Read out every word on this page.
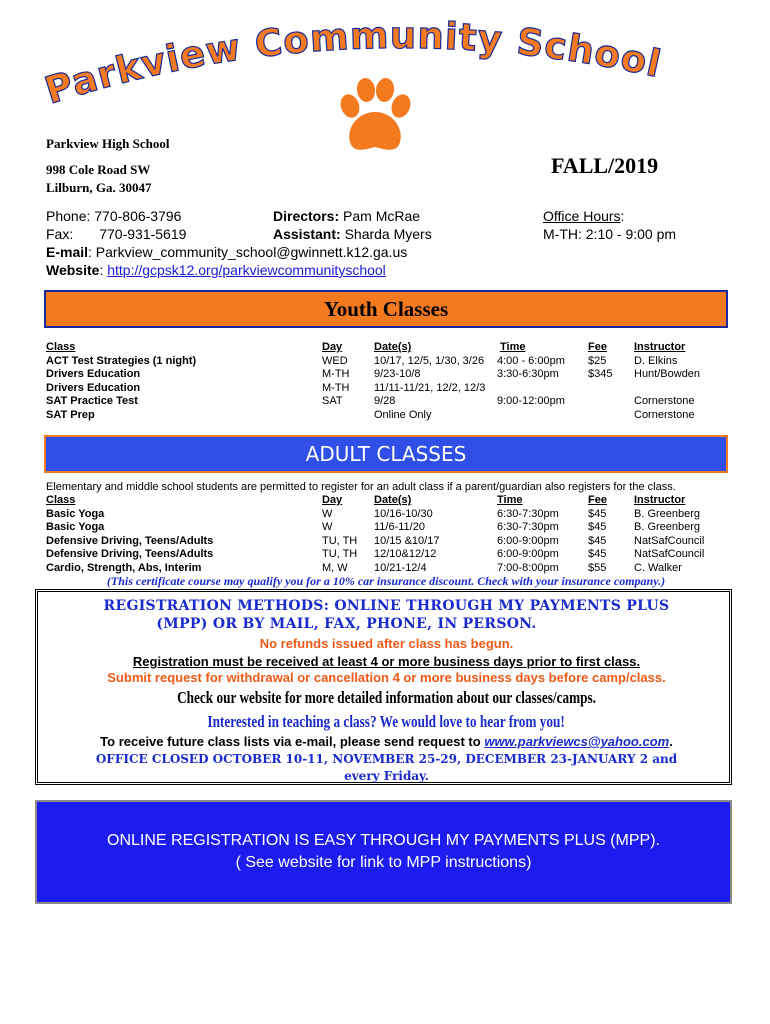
Parkview Community School
Parkview High School
998 Cole Road SW
Lilburn, Ga. 30047
FALL/2019
Phone: 770-806-3796
Fax: 770-931-5619
E-mail: Parkview_community_school@gwinnett.k12.ga.us
Website: http://gcpsk12.org/parkviewcommunityschool
Directors: Pam McRae
Assistant: Sharda Myers
Office Hours:
M-TH: 2:10 - 9:00 pm
Youth Classes
Class
ACT Test Strategies (1 night)
Drivers Education
Drivers Education
SAT Practice Test
SAT Prep
Day
WED
M-TH
M-TH
SAT
Date(s)
10/17, 12/5, 1/30, 3/26
9/23-10/8
11/11-11/21, 12/2, 12/3
9/28
Online Only
Time
4:00 - 6:00pm
3:30-6:30pm

9:00-12:00pm

Fee
$25
$345
Instructor
D. Elkins
Hunt/Bowden

Cornerstone
Cornerstone
ADULT CLASSES
Elementary and middle school students are permitted to register for an adult class if a parent/guardian also registers for the class.
Class
Basic Yoga
Basic Yoga
Defensive Driving, Teens/Adults
Defensive Driving, Teens/Adults
Cardio, Strength, Abs, Interim
Day
W
W
TU, TH
TU, TH
M, W
Date(s)
10/16-10/30
11/6-11/20
10/15 &10/17
12/10&12/12
10/21-12/4
Time
6:30-7:30pm
6:30-7:30pm
6:00-9:00pm
6:00-9:00pm
7:00-8:00pm
Fee
$45
$45
$45
$45
$55
Instructor
B. Greenberg
B. Greenberg
NatSafCouncil
NatSafCouncil
C. Walker
(This certificate course may qualify you for a 10% car insurance discount. Check with your insurance company.)
REGISTRATION METHODS: ONLINE THROUGH MY PAYMENTS PLUS
(MPP) OR BY MAIL, FAX, PHONE, IN PERSON.
No refunds issued after class has begun.
Registration must be received at least 4 or more business days prior to first class.
Submit request for withdrawal or cancellation 4 or more business days before camp/class.
Check our website for more detailed information about our classes/camps.
Interested in teaching a class? We would love to hear from you!
To receive future class lists via e-mail, please send request to www.parkviewcs@yahoo.com.
OFFICE CLOSED OCTOBER 10-11, NOVEMBER 25-29, DECEMBER 23-JANUARY 2 and
every Friday.
ONLINE REGISTRATION IS EASY THROUGH MY PAYMENTS PLUS (MPP).
( See website for link to MPP instructions)
